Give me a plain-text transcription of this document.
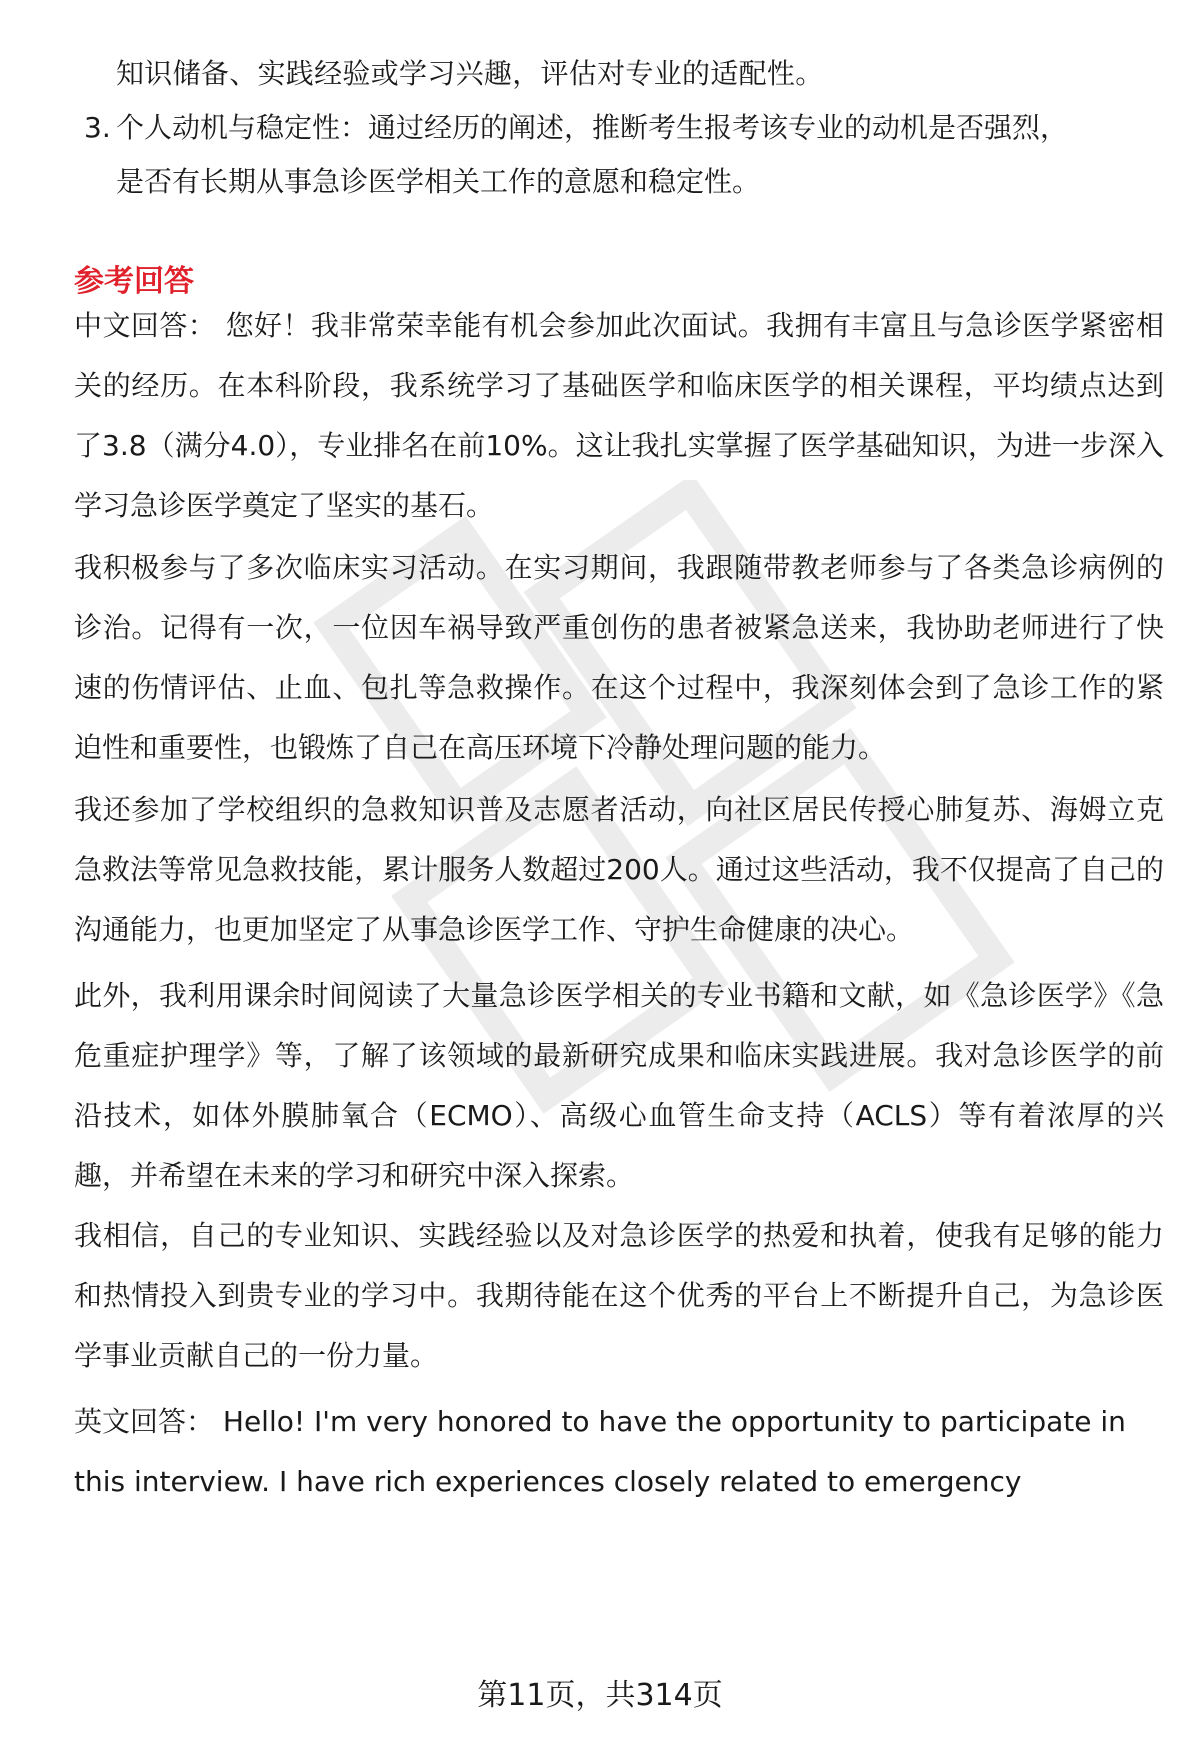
知识储备、实践经验或学习兴趣，评估对专业的适配性。

3. 个人动机与稳定性：通过经历的阐述，推断考生报考该专业的动机是否强烈，

是否有长期从事急诊医学相关工作的意愿和稳定性。

参考回答

中文回答： 您好！我非常荣幸能有机会参加此次面试。我拥有丰富且与急诊医学紧密相关的经历。在本科阶段，我系统学习了基础医学和临床医学的相关课程，平均绩点达到了3.8（满分4.0），专业排名在前10%。这让我扎实掌握了医学基础知识，为进一步深入学习急诊医学奠定了坚实的基石。

我积极参与了多次临床实习活动。在实习期间，我跟随带教老师参与了各类急诊病例的诊治。记得有一次，一位因车祸导致严重创伤的患者被紧急送来，我协助老师进行了快速的伤情评估、止血、包扎等急救操作。在这个过程中，我深刻体会到了急诊工作的紧迫性和重要性，也锻炼了自己在高压环境下冷静处理问题的能力。

我还参加了学校组织的急救知识普及志愿者活动，向社区居民传授心肺复苏、海姆立克急救法等常见急救技能，累计服务人数超过200人。通过这些活动，我不仅提高了自己的沟通能力，也更加坚定了从事急诊医学工作、守护生命健康的决心。

此外，我利用课余时间阅读了大量急诊医学相关的专业书籍和文献，如《急诊医学》《急危重症护理学》等，了解了该领域的最新研究成果和临床实践进展。我对急诊医学的前沿技术，如体外膜肺氧合（ECMO）、高级心血管生命支持（ACLS）等有着浓厚的兴趣，并希望在未来的学习和研究中深入探索。

我相信，自己的专业知识、实践经验以及对急诊医学的热爱和执着，使我有足够的能力和热情投入到贵专业的学习中。我期待能在这个优秀的平台上不断提升自己，为急诊医学事业贡献自己的一份力量。

英文回答： Hello! I'm very honored to have the opportunity to participate in this interview. I have rich experiences closely related to emergency

第11页，共314页
